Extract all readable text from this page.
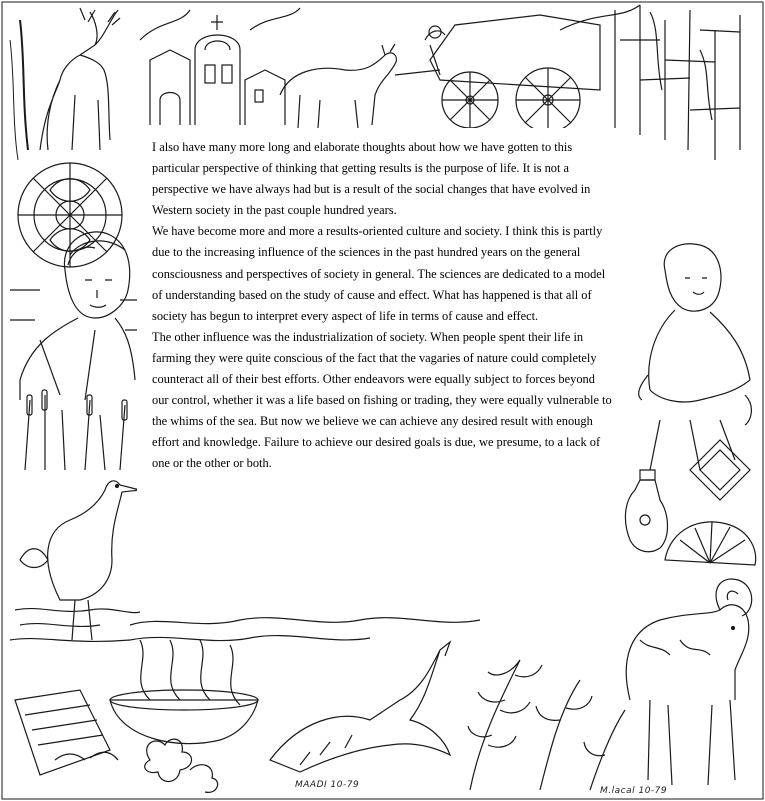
MAADI 10-79
M.lacal 10-79

I also have many more long and elaborate thoughts about how we have gotten to this particular perspective of thinking that getting results is the purpose of life. It is not a perspective we have always had but is a result of the social changes that have evolved in Western society in the past couple hundred years.

We have become more and more a results-oriented culture and society. I think this is partly due to the increasing influence of the sciences in the past hundred years on the general consciousness and perspectives of society in general. The sciences are dedicated to a model of understanding based on the study of cause and effect. What has happened is that all of society has begun to interpret every aspect of life in terms of cause and effect.

The other influence was the industrialization of society. When people spent their life in farming they were quite conscious of the fact that the vagaries of nature could completely counteract all of their best efforts. Other endeavors were equally subject to forces beyond our control, whether it was a life based on fishing or trading, they were equally vulnerable to the whims of the sea. But now we believe we can achieve any desired result with enough effort and knowledge. Failure to achieve our desired goals is due, we presume, to a lack of one or the other or both.
